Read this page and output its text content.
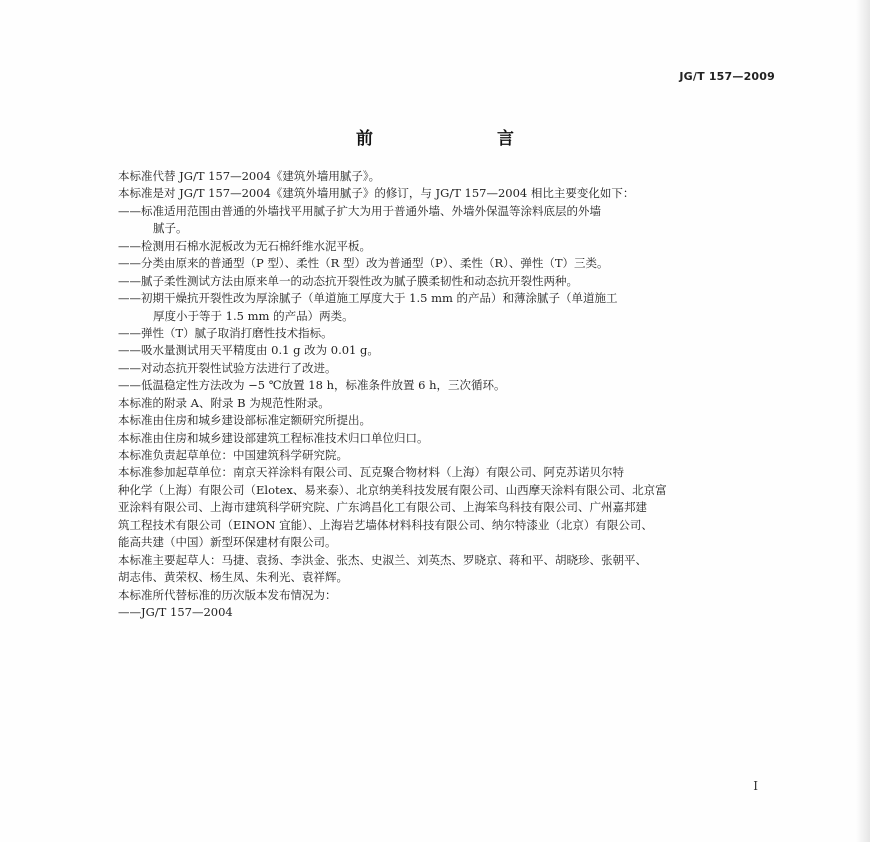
JG/T 157—2009
前　　言
本标准代替 JG/T 157—2004《建筑外墙用腻子》。
本标准是对 JG/T 157—2004《建筑外墙用腻子》的修订，与 JG/T 157—2004 相比主要变化如下：
——标准适用范围由普通的外墙找平用腻子扩大为用于普通外墙、外墙外保温等涂料底层的外墙
腻子。
——检测用石棉水泥板改为无石棉纤维水泥平板。
——分类由原来的普通型（P 型）、柔性（R 型）改为普通型（P）、柔性（R）、弹性（T）三类。
——腻子柔性测试方法由原来单一的动态抗开裂性改为腻子膜柔韧性和动态抗开裂性两种。
——初期干燥抗开裂性改为厚涂腻子（单道施工厚度大于 1.5 mm 的产品）和薄涂腻子（单道施工
厚度小于等于 1.5 mm 的产品）两类。
——弹性（T）腻子取消打磨性技术指标。
——吸水量测试用天平精度由 0.1 g 改为 0.01 g。
——对动态抗开裂性试验方法进行了改进。
——低温稳定性方法改为 −5 ℃放置 18 h，标准条件放置 6 h，三次循环。
本标准的附录 A、附录 B 为规范性附录。
本标准由住房和城乡建设部标准定额研究所提出。
本标准由住房和城乡建设部建筑工程标准技术归口单位归口。
本标准负责起草单位：中国建筑科学研究院。
本标准参加起草单位：南京天祥涂料有限公司、瓦克聚合物材料（上海）有限公司、阿克苏诺贝尔特
种化学（上海）有限公司（Elotex、易来泰）、北京纳美科技发展有限公司、山西摩天涂料有限公司、北京富
亚涂料有限公司、上海市建筑科学研究院、广东鸿昌化工有限公司、上海笨鸟科技有限公司、广州嘉邦建
筑工程技术有限公司（EINON 宜能）、上海岩艺墙体材料科技有限公司、纳尔特漆业（北京）有限公司、
能高共建（中国）新型环保建材有限公司。
本标准主要起草人：马捷、袁扬、李洪金、张杰、史淑兰、刘英杰、罗晓京、蒋和平、胡晓珍、张朝平、
胡志伟、黄荣权、杨生凤、朱利光、袁祥辉。
本标准所代替标准的历次版本发布情况为：
——JG/T 157—2004
I
